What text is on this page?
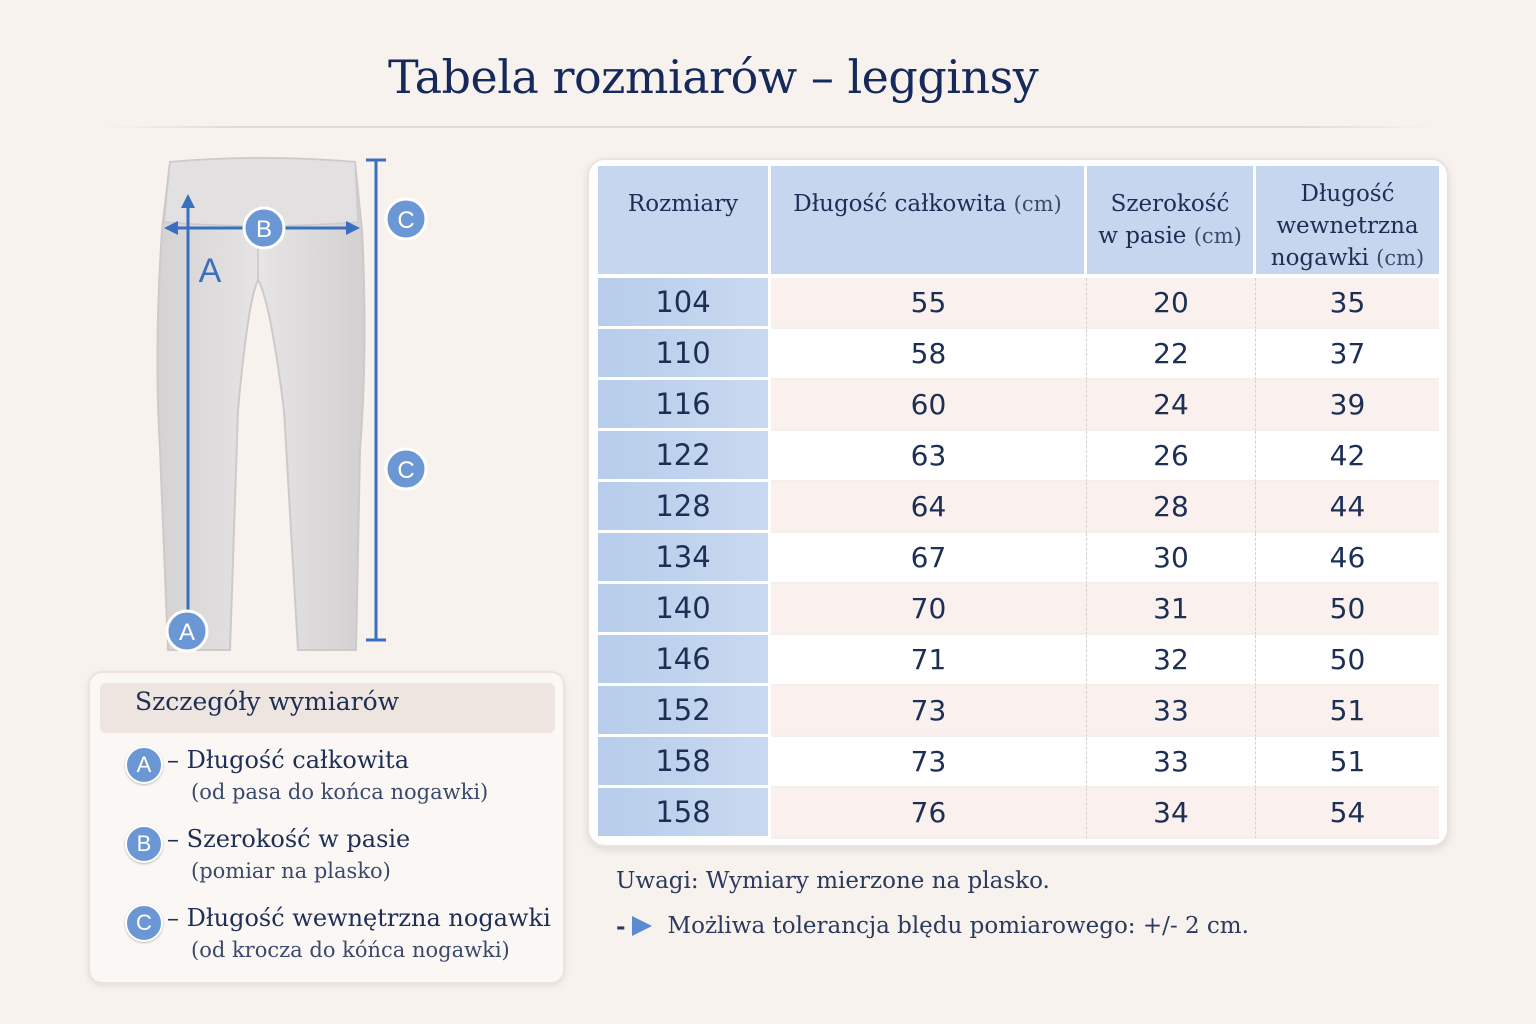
Tabela rozmiarów – legginsy
A
B	C
C
A
Szczegóły wymiarów
A – Długość całkowita
(od pasa do końca nogawki)
B – Szerokość w pasie
(pomiar na plasko)
C – Długość wewnętrzna nogawki
(od krocza do kóńca nogawki)
Rozmiary	Długość całkowita (cm)	Szerokość
w pasie (cm)	Długość
wewnetrzna
nogawki (cm)
104	55	20	35
110	58	22	37
116	60	24	39
122	63	26	42
128	64	28	44
134	67	30	46
140	70	31	50
146	71	32	50
152	73	33	51
158	73	33	51
158	76	34	54
Uwagi: Wymiary mierzone na plasko.
- Możliwa tolerancja blędu pomiarowego: +/- 2 cm.
